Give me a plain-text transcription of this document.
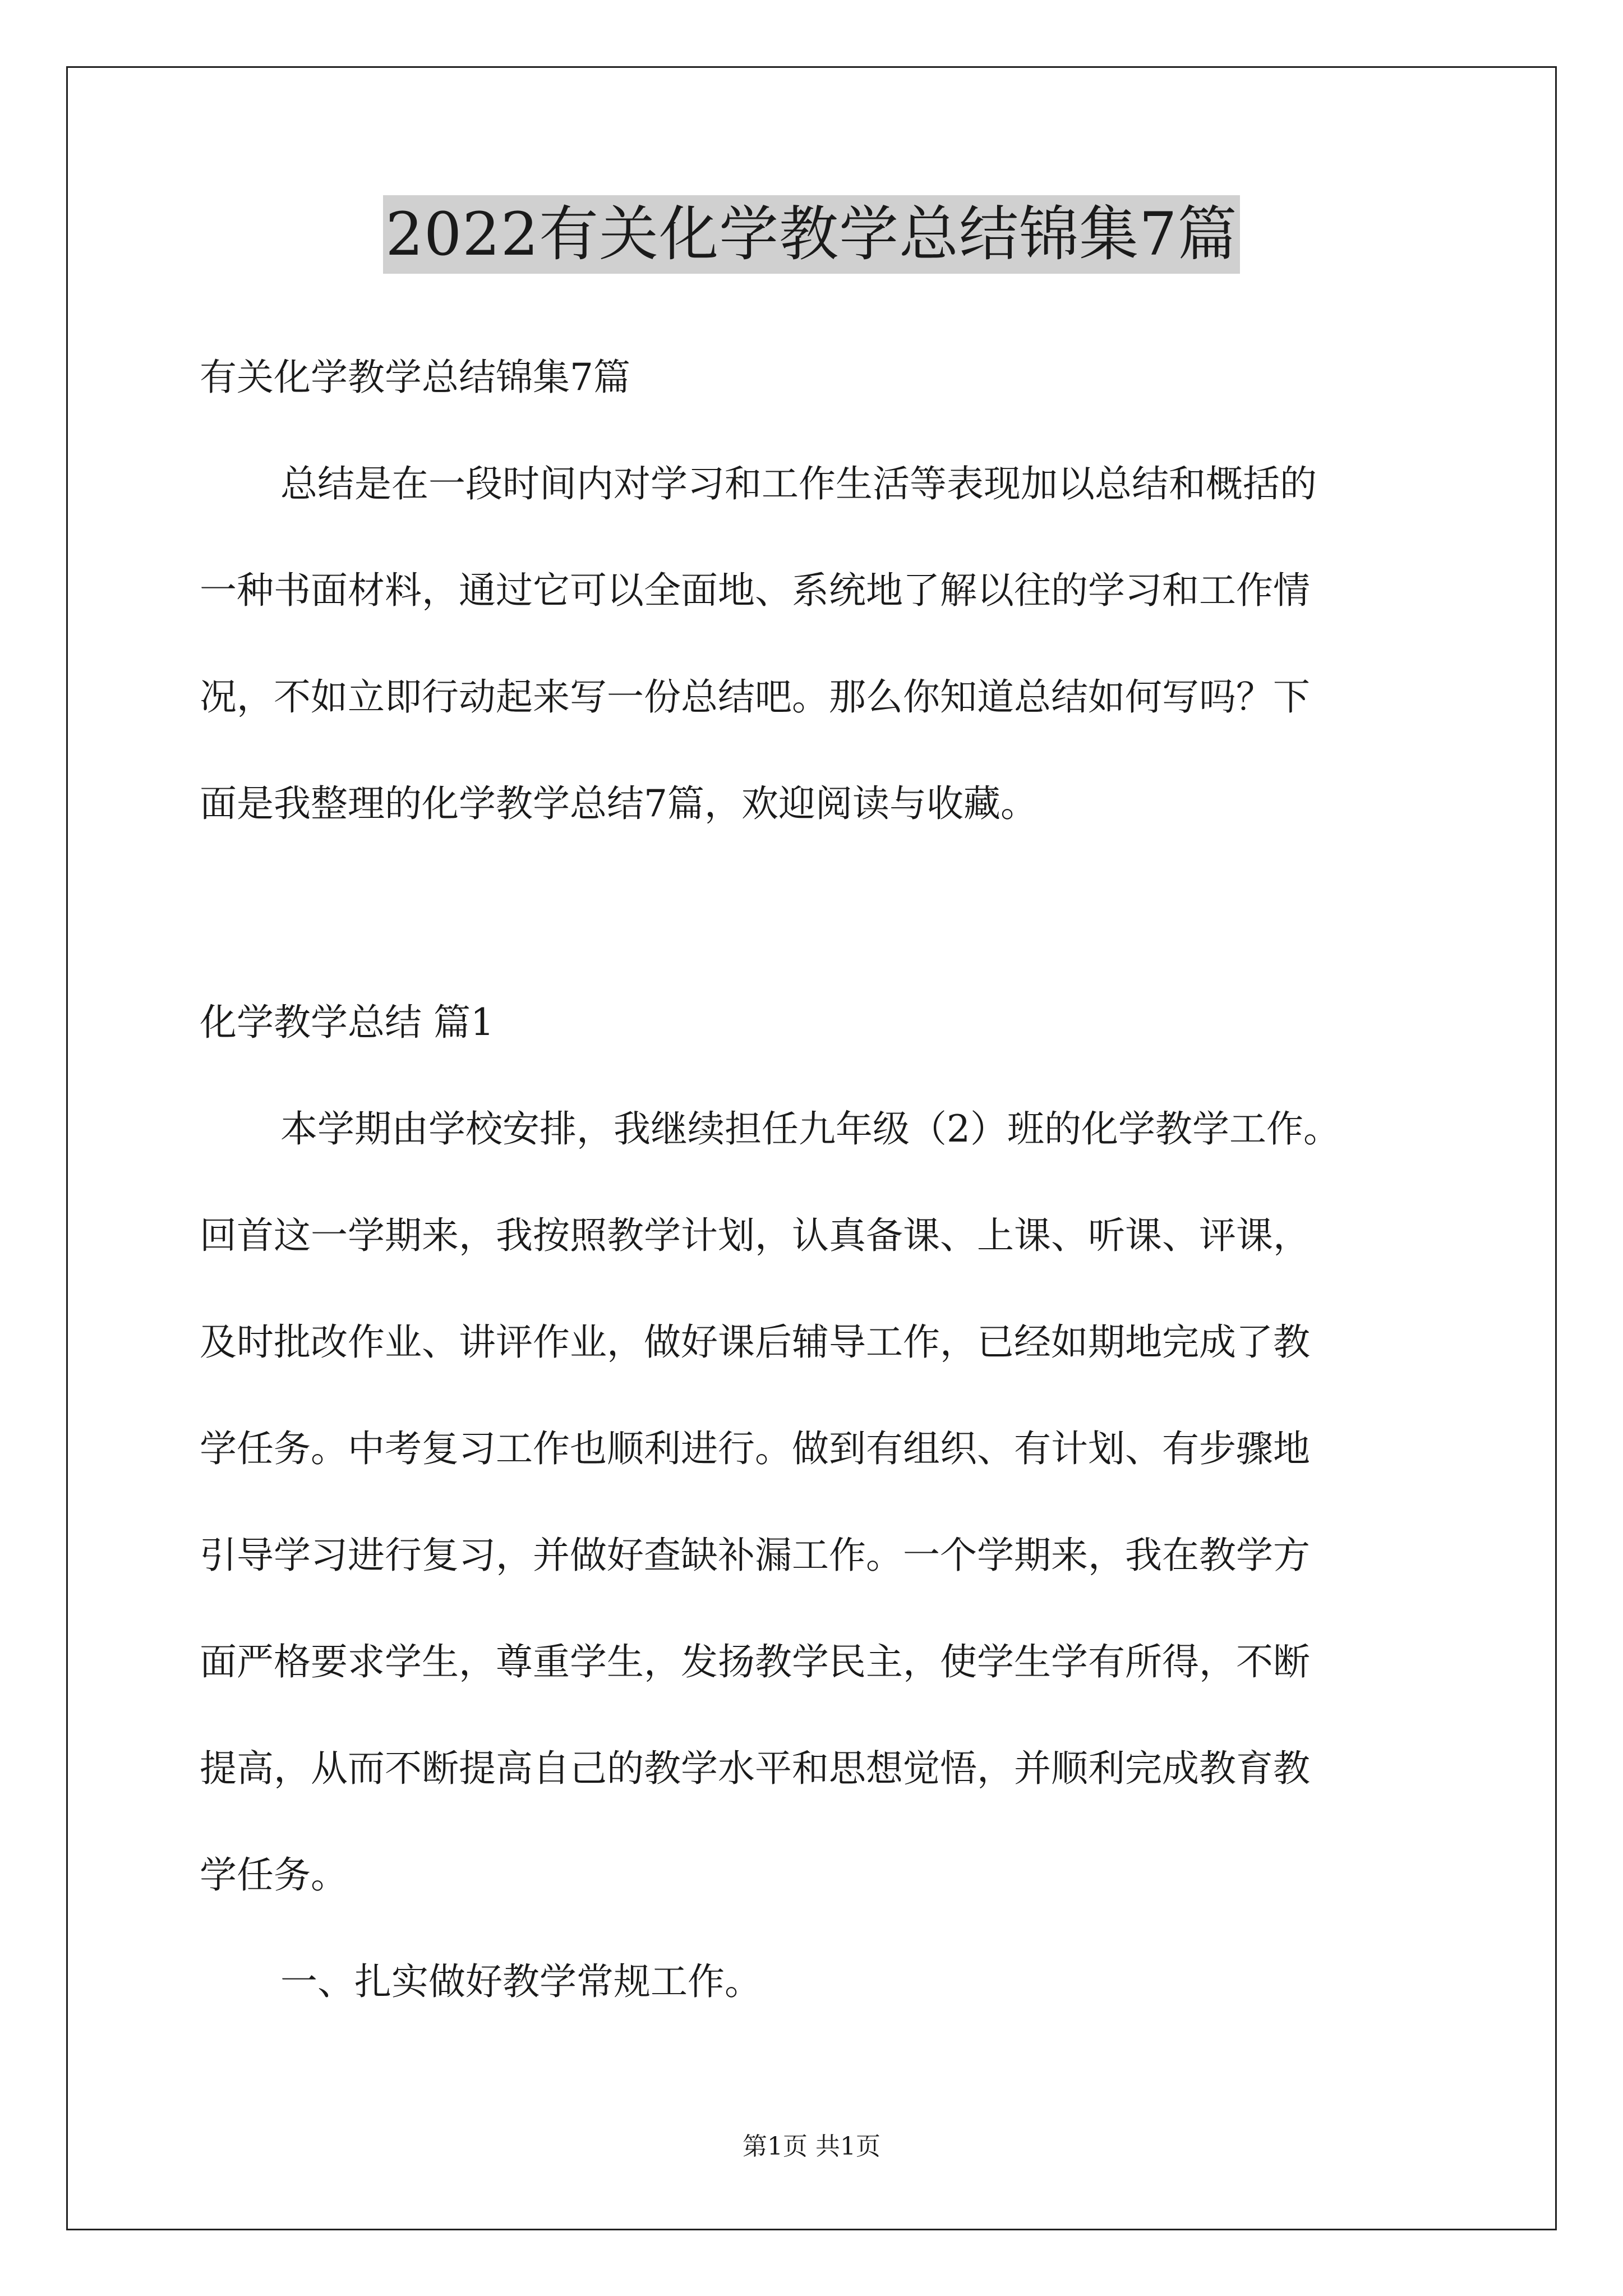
2022有关化学教学总结锦集7篇
有关化学教学总结锦集7篇
总结是在一段时间内对学习和工作生活等表现加以总结和概括的
一种书面材料，通过它可以全面地、系统地了解以往的学习和工作情
况，不如立即行动起来写一份总结吧。那么你知道总结如何写吗？下
面是我整理的化学教学总结7篇，欢迎阅读与收藏。
化学教学总结 篇1
本学期由学校安排，我继续担任九年级（2）班的化学教学工作。
回首这一学期来，我按照教学计划，认真备课、上课、听课、评课，
及时批改作业、讲评作业，做好课后辅导工作，已经如期地完成了教
学任务。中考复习工作也顺利进行。做到有组织、有计划、有步骤地
引导学习进行复习，并做好查缺补漏工作。一个学期来，我在教学方
面严格要求学生，尊重学生，发扬教学民主，使学生学有所得，不断
提高，从而不断提高自己的教学水平和思想觉悟，并顺利完成教育教
学任务。
一、扎实做好教学常规工作。
第1页 共1页
